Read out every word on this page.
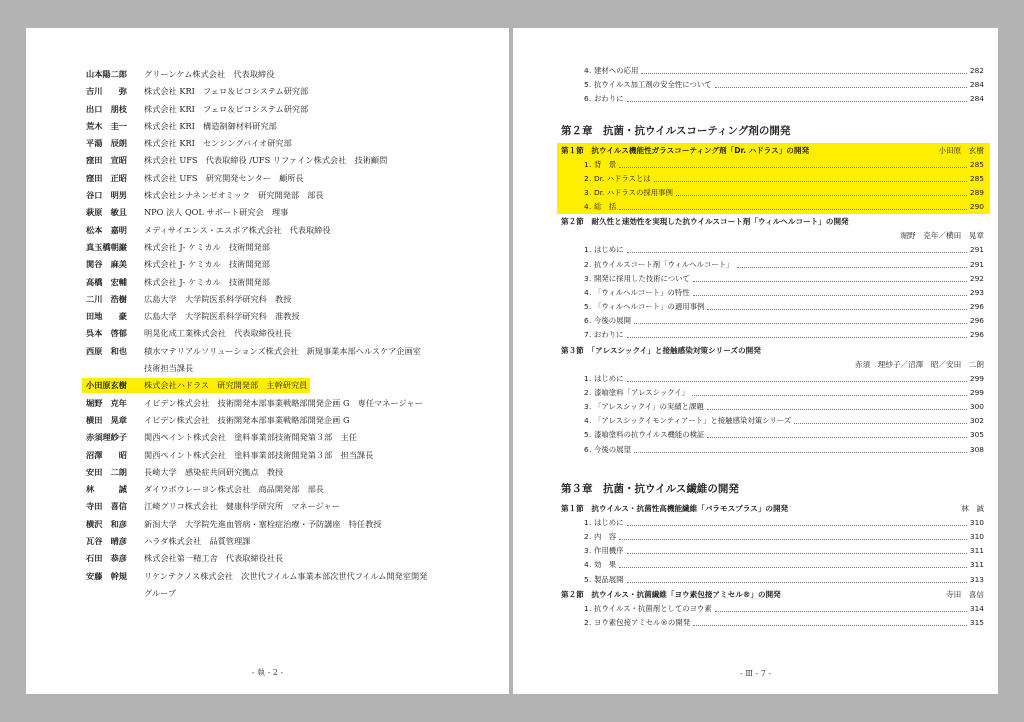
山本陽二郎 グリーンケム株式会社　代表取締役
吉川　　弥 株式会社 KRI　フェロ＆ピコシステム研究部
出口　朋枝 株式会社 KRI　フェロ＆ピコシステム研究部
荒木　圭一 株式会社 KRI　構造制御材料研究部
平湯　辰朗 株式会社 KRI　センシングバイオ研究部
窪田　宣昭 株式会社 UFS　代表取締役 /UFS リファイン株式会社　技術顧問
窪田　正昭 株式会社 UFS　研究開発センター　顧所長
谷口　明男 株式会社シナネンゼオミック　研究開発部　部長
萩原　敏且 NPO 法人 QOL サポート研究会　理事
松本　嘉明 メディサイエンス・エスポア株式会社　代表取締役
真玉橋朝巌 株式会社 J- ケミカル　技術開発部
関谷　麻美 株式会社 J- ケミカル　技術開発部
高橋　宏輔 株式会社 J- ケミカル　技術開発部
二川　浩樹 広島大学　大学院医系科学研究科　教授
田地　　豪 広島大学　大学院医系科学研究科　准教授
呉本　啓郁 明晃化成工業株式会社　代表取締役社長
西原　和也 積水マテリアルソリューションズ株式会社　新規事業本部ヘルスケア企画室
技術担当課長
小田原玄樹 株式会社ハドラス　研究開発部　主幹研究員
堀野　克年 イビデン株式会社　技術開発本部事業戦略部開発企画 G　専任マネージャー
横田　晃章 イビデン株式会社　技術開発本部事業戦略部開発企画 G
赤須理紗子 関西ペイント株式会社　塗料事業部技術開発第３部　主任
沼澤　　昭 関西ペイント株式会社　塗料事業部技術開発第３部　担当課長
安田　二朗 長崎大学　感染症共同研究拠点　教授
林　　　誠 ダイワボウレーヨン株式会社　商品開発部　部長
寺田　喜信 江崎グリコ株式会社　健康科学研究所　マネージャー
横沢　和彦 新潟大学　大学院先進血管病・塞栓症治療・予防講座　特任教授
瓦谷　晴彦 ハラダ株式会社　品質管理課
石田　恭彦 株式会社第一精工舎　代表取締役社長
安藤　幹規 リケンテクノス株式会社　次世代フイルム事業本部次世代フイルム開発室開発
グループ
- 執 - 2 -
4 . 建材への応用	282
5 . 抗ウイルス加工剤の安全性について	284
6 . おわりに	284
第２章　抗菌・抗ウイルスコーティング剤の開発
第１節　抗ウイルス機能性ガラスコーティング剤「Dr. ハドラス」の開発	小田原　玄樹
1 . 背　景	285
2 . Dr. ハドラスとは	285
3 . Dr. ハドラスの採用事例	289
4 . 総　括	290
第２節　耐久性と速効性を実現した抗ウイルスコート剤「ウィルヘルコート」の開発
堀野　克年／横田　晃章
1 . はじめに	291
2 . 抗ウイルスコート剤「ウィルヘルコート」	291
3 . 開発に採用した技術について	292
4 . 「ウィルヘルコート」の特性	293
5 . 「ウィルヘルコート」の適用事例	296
6 . 今後の展開	296
7 . おわりに	296
第３節　「アレスシックイ」と接触感染対策シリーズの開発
赤須　理紗子／沼澤　昭／安田　二朗
1 . はじめに	299
2 . 漆喰塗料「アレスシックイ」	299
3 . 「アレスシックイ」の実績と課題	300
4 . 「アレスシックイモンティアート」と接触感染対策シリーズ	302
5 . 漆喰塗料の抗ウイルス機能の検証	305
6 . 今後の展望	308
第３章　抗菌・抗ウイルス繊維の開発
第１節　抗ウイルス・抗菌性高機能繊維「バラモスプラス」の開発	林　誠
1 . はじめに	310
2 . 内　容	310
3 . 作用機序	311
4 . 効　果	311
5 . 製品展開	313
第２節　抗ウイルス・抗菌繊維「ヨウ素包接アミセル®」の開発	寺田　喜信
1 . 抗ウイルス・抗菌剤としてのヨウ素	314
2 . ヨウ素包接アミセル®の開発	315
- Ⅲ - 7 -
